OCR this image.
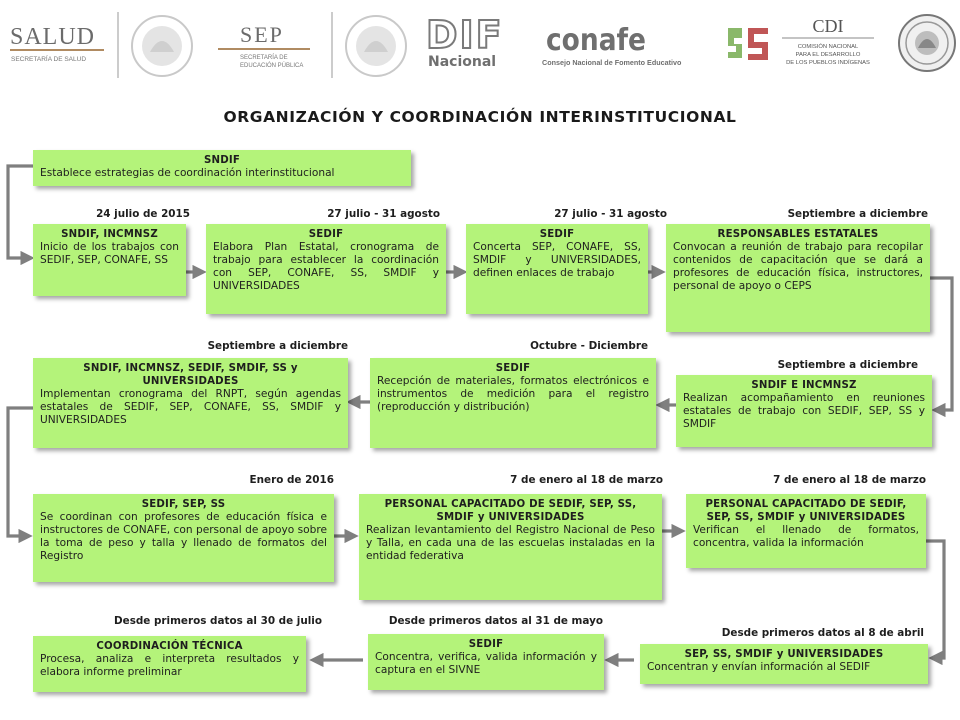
SALUD
SECRETARÍA DE SALUD
SEP
SECRETARÍA DE
EDUCACIÓN PÚBLICA
DIF
Nacional
conafe
Consejo Nacional de Fomento Educativo
CDI
COMISIÓN NACIONAL
PARA EL DESARROLLO
DE LOS PUEBLOS INDÍGENAS
ORGANIZACIÓN Y COORDINACIÓN INTERINSTITUCIONAL
24 julio de 2015	27 julio - 31 agosto	27 julio - 31 agosto	Septiembre a diciembre
Septiembre a diciembre	Octubre - Diciembre
Septiembre a diciembre
Enero de 2016	7 de enero al 18 de marzo	7 de enero al 18 de marzo
Desde primeros datos al 30 de julio	Desde primeros datos al 31 de mayo
Desde primeros datos al 8 de abril
SNDIF
Establece estrategias de coordinación interinstitucional
SNDIF, INCMNSZ
Inicio de los trabajos con SEDIF, SEP, CONAFE, SS
SEDIF
Elabora Plan Estatal, cronograma de trabajo para establecer la coordinación con SEP, CONAFE, SS, SMDIF y UNIVERSIDADES
SEDIF
Concerta SEP, CONAFE, SS, SMDIF y UNIVERSIDADES, definen enlaces de trabajo
RESPONSABLES ESTATALES
Convocan a reunión de trabajo para recopilar contenidos de capacitación que se dará a profesores de educación física, instructores, personal de apoyo o CEPS
SNDIF, INCMNSZ, SEDIF, SMDIF, SS y UNIVERSIDADES
Implementan cronograma del RNPT, según agendas estatales de SEDIF, SEP, CONAFE, SS, SMDIF y UNIVERSIDADES
SEDIF
Recepción de materiales, formatos electrónicos e instrumentos de medición para el registro (reproducción y distribución)
SNDIF E INCMNSZ
Realizan acompañamiento en reuniones estatales de trabajo con SEDIF, SEP, SS y SMDIF
SEDIF, SEP, SS
Se coordinan con profesores de educación física e instructores de CONAFE, con personal de apoyo sobre la toma de peso y talla y llenado de formatos del Registro
PERSONAL CAPACITADO DE SEDIF, SEP, SS, SMDIF y UNIVERSIDADES
Realizan levantamiento del Registro Nacional de Peso y Talla, en cada una de las escuelas instaladas en la entidad federativa
PERSONAL CAPACITADO DE SEDIF, SEP, SS, SMDIF y UNIVERSIDADES
Verifican el llenado de formatos, concentra, valida la información
COORDINACIÓN TÉCNICA
Procesa, analiza e interpreta resultados y elabora informe preliminar
SEDIF
Concentra, verifica, valida información y captura en el SIVNE
SEP, SS, SMDIF y UNIVERSIDADES
Concentran y envían información al SEDIF
